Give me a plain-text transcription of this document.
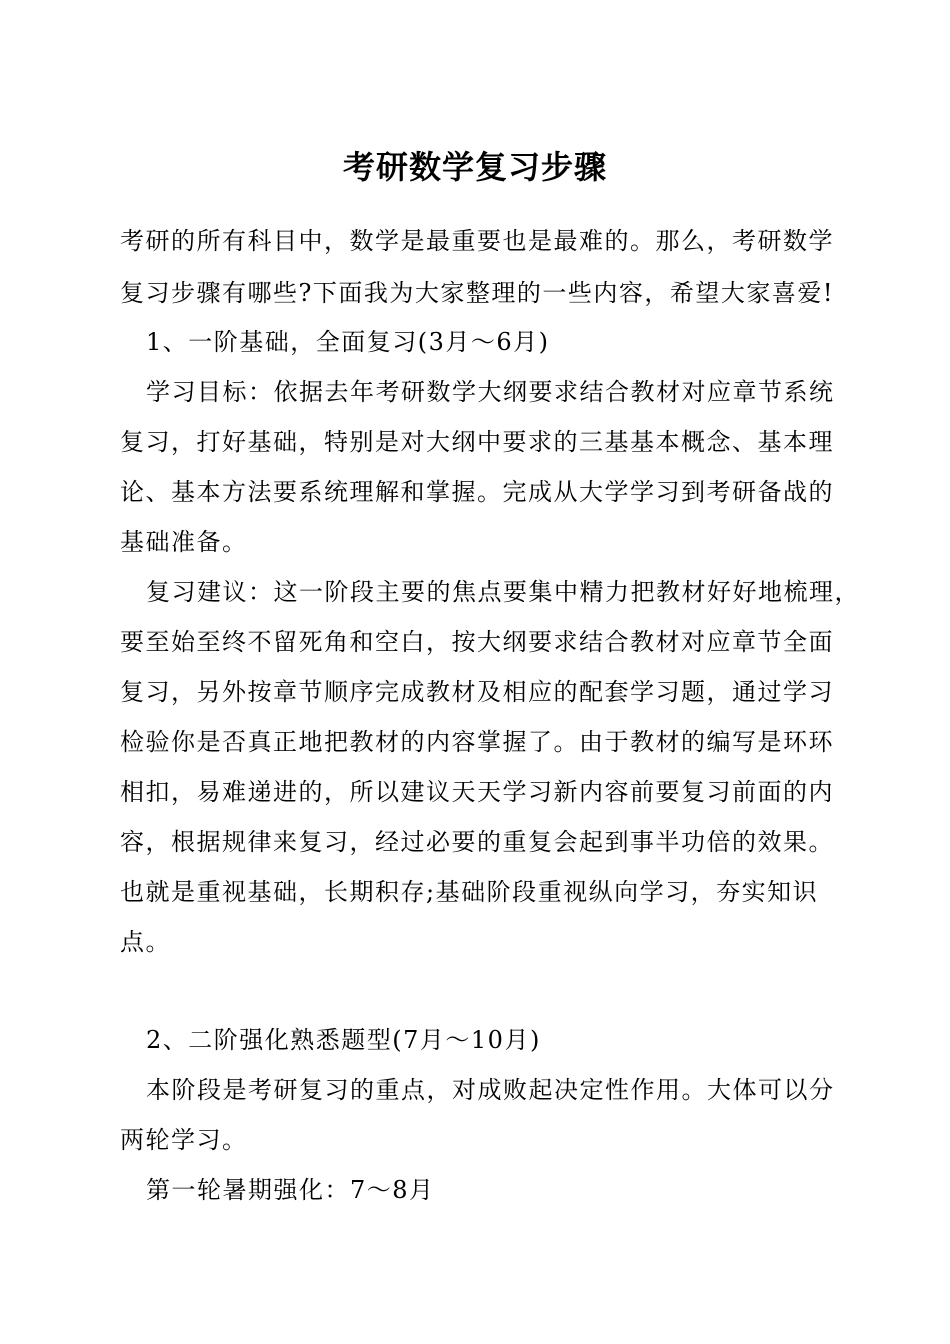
考研数学复习步骤
考研的所有科目中，数学是最重要也是最难的。那么，考研数学
复习步骤有哪些?下面我为大家整理的一些内容，希望大家喜爱!
1、一阶基础，全面复习(3月～6月)
学习目标：依据去年考研数学大纲要求结合教材对应章节系统
复习，打好基础，特别是对大纲中要求的三基基本概念、基本理
论、基本方法要系统理解和掌握。完成从大学学习到考研备战的
基础准备。
复习建议：这一阶段主要的焦点要集中精力把教材好好地梳理，
要至始至终不留死角和空白，按大纲要求结合教材对应章节全面
复习，另外按章节顺序完成教材及相应的配套学习题，通过学习
检验你是否真正地把教材的内容掌握了。由于教材的编写是环环
相扣，易难递进的，所以建议天天学习新内容前要复习前面的内
容，根据规律来复习，经过必要的重复会起到事半功倍的效果。
也就是重视基础，长期积存;基础阶段重视纵向学习，夯实知识
点。
2、二阶强化熟悉题型(7月～10月)
本阶段是考研复习的重点，对成败起决定性作用。大体可以分
两轮学习。
第一轮暑期强化：7～8月
